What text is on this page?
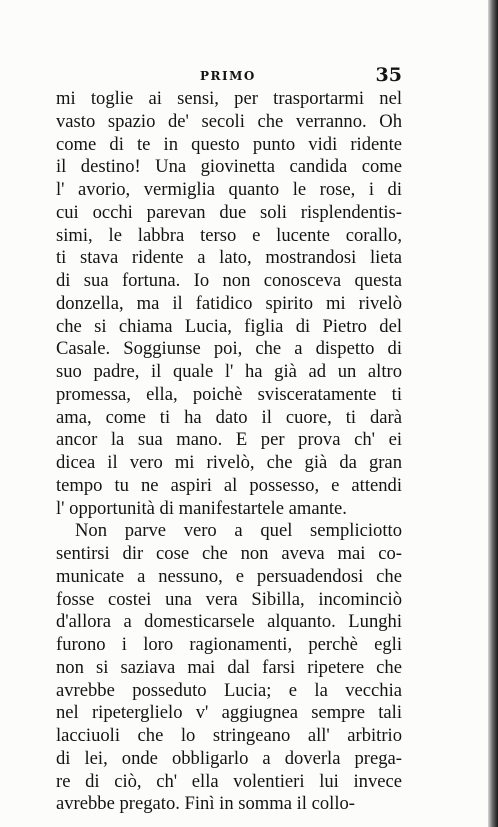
PRIMO	35
mi toglie ai sensi, per trasportarmi nel
vasto spazio de' secoli che verranno. Oh
come di te in questo punto vidi ridente
il destino! Una giovinetta candida come
l' avorio, vermiglia quanto le rose, i di
cui occhi parevan due soli risplendentis-
simi, le labbra terso e lucente corallo,
ti stava ridente a lato, mostrandosi lieta
di sua fortuna. Io non conosceva questa
donzella, ma il fatidico spirito mi rivelò
che si chiama Lucia, figlia di Pietro del
Casale. Soggiunse poi, che a dispetto di
suo padre, il quale l' ha già ad un altro
promessa, ella, poichè svisceratamente ti
ama, come ti ha dato il cuore, ti darà
ancor la sua mano. E per prova ch' ei
dicea il vero mi rivelò, che già da gran
tempo tu ne aspiri al possesso, e attendi
l' opportunità di manifestartele amante.
Non parve vero a quel sempliciotto
sentirsi dir cose che non aveva mai co-
municate a nessuno, e persuadendosi che
fosse costei una vera Sibilla, incominciò
d'allora a domesticarsele alquanto. Lunghi
furono i loro ragionamenti, perchè egli
non si saziava mai dal farsi ripetere che
avrebbe posseduto Lucia; e la vecchia
nel ripeterglielo v' aggiugnea sempre tali
lacciuoli che lo stringeano all' arbitrio
di lei, onde obbligarlo a doverla prega-
re di ciò, ch' ella volentieri lui invece
avrebbe pregato. Finì in somma il collo-
